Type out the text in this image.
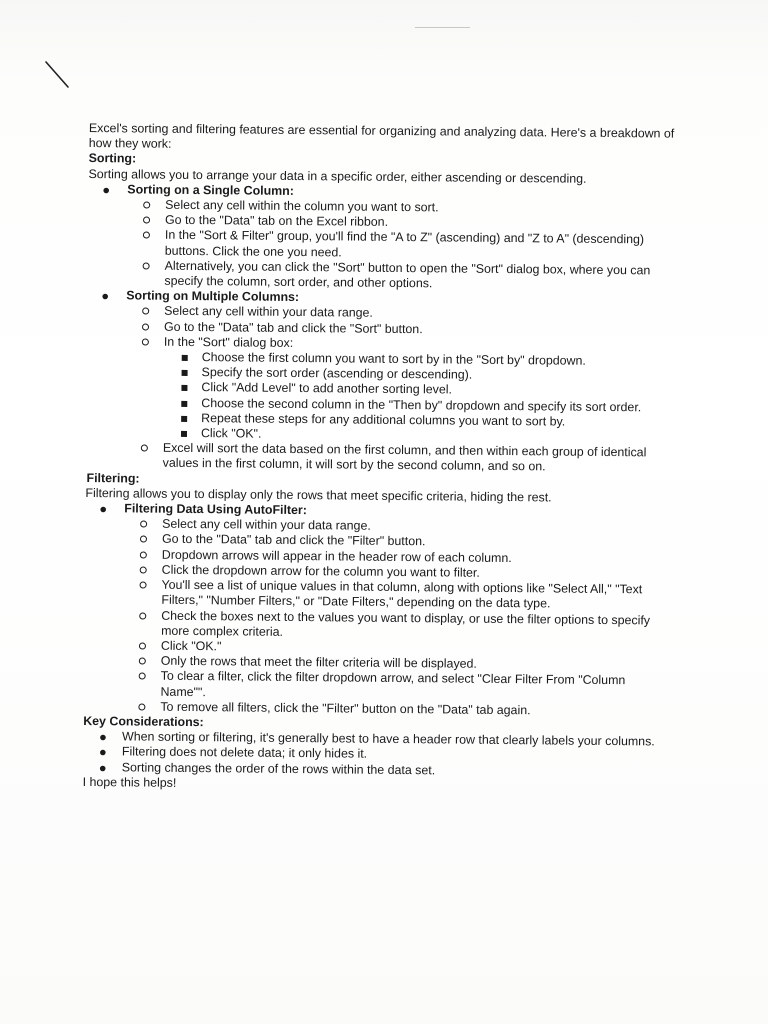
Excel's sorting and filtering features are essential for organizing and analyzing data. Here's a breakdown of how they work:

Sorting:

Sorting allows you to arrange your data in a specific order, either ascending or descending.

● Sorting on a Single Column:
Select any cell within the column you want to sort.
Go to the "Data" tab on the Excel ribbon.
In the "Sort & Filter" group, you'll find the "A to Z" (ascending) and "Z to A" (descending) buttons. Click the one you need.
Alternatively, you can click the "Sort" button to open the "Sort" dialog box, where you can specify the column, sort order, and other options.
● Sorting on Multiple Columns:
Select any cell within your data range.
Go to the "Data" tab and click the "Sort" button.
In the "Sort" dialog box:
Choose the first column you want to sort by in the "Sort by" dropdown.
Specify the sort order (ascending or descending).
Click "Add Level" to add another sorting level.
Choose the second column in the "Then by" dropdown and specify its sort order.
Repeat these steps for any additional columns you want to sort by.
Click "OK".
Excel will sort the data based on the first column, and then within each group of identical values in the first column, it will sort by the second column, and so on.

Filtering:

Filtering allows you to display only the rows that meet specific criteria, hiding the rest.

● Filtering Data Using AutoFilter:
Select any cell within your data range.
Go to the "Data" tab and click the "Filter" button.
Dropdown arrows will appear in the header row of each column.
Click the dropdown arrow for the column you want to filter.
You'll see a list of unique values in that column, along with options like "Select All," "Text Filters," "Number Filters," or "Date Filters," depending on the data type.
Check the boxes next to the values you want to display, or use the filter options to specify more complex criteria.
Click "OK."
Only the rows that meet the filter criteria will be displayed.
To clear a filter, click the filter dropdown arrow, and select "Clear Filter From "Column Name"".
To remove all filters, click the "Filter" button on the "Data" tab again.

Key Considerations:

● When sorting or filtering, it's generally best to have a header row that clearly labels your columns.
● Filtering does not delete data; it only hides it.
● Sorting changes the order of the rows within the data set.

I hope this helps!
